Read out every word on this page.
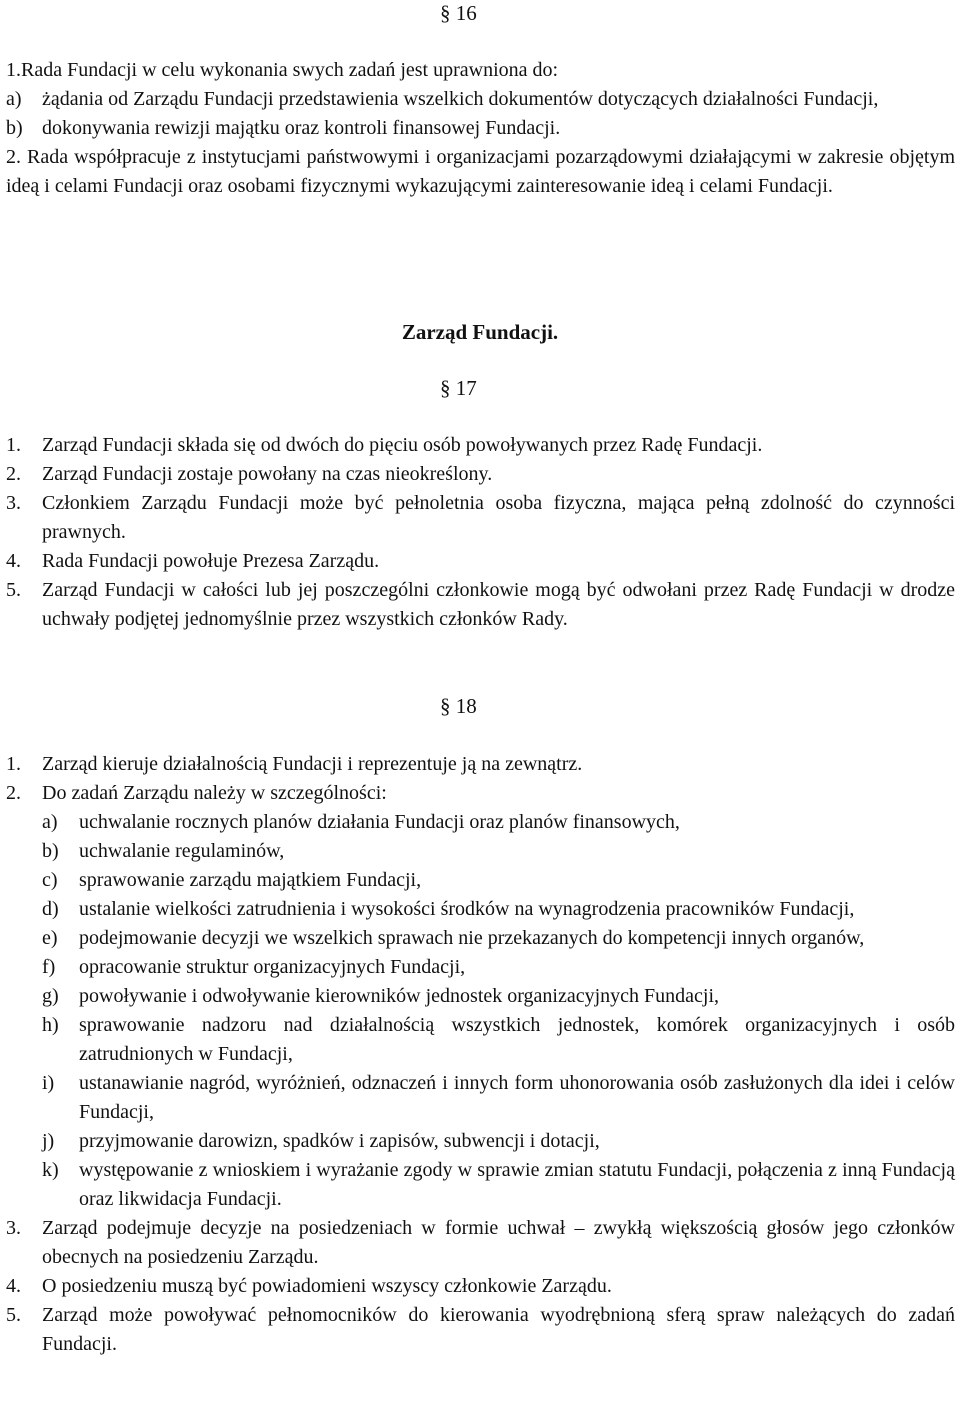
§ 16
1.Rada Fundacji w celu wykonania swych zadań jest uprawniona do:
a) żądania od Zarządu Fundacji przedstawienia wszelkich dokumentów dotyczących działalności Fundacji,
b) dokonywania rewizji majątku oraz kontroli finansowej Fundacji.
2. Rada współpracuje z instytucjami państwowymi i organizacjami pozarządowymi działającymi w zakresie objętym ideą i celami Fundacji oraz osobami fizycznymi wykazującymi zainteresowanie ideą i celami Fundacji.
Zarząd Fundacji.
§ 17
1. Zarząd Fundacji składa się od dwóch do pięciu osób powoływanych przez Radę Fundacji.
2. Zarząd Fundacji zostaje powołany na czas nieokreślony.
3. Członkiem Zarządu Fundacji może być pełnoletnia osoba fizyczna, mająca pełną zdolność do czynności prawnych.
4. Rada Fundacji powołuje Prezesa Zarządu.
5. Zarząd Fundacji w całości lub jej poszczególni członkowie mogą być odwołani przez Radę Fundacji w drodze uchwały podjętej jednomyślnie przez wszystkich członków Rady.
§ 18
1. Zarząd kieruje działalnością Fundacji i reprezentuje ją na zewnątrz.
2. Do zadań Zarządu należy w szczególności:
a) uchwalanie rocznych planów działania Fundacji oraz planów finansowych,
b) uchwalanie regulaminów,
c) sprawowanie zarządu majątkiem Fundacji,
d) ustalanie wielkości zatrudnienia i wysokości środków na wynagrodzenia pracowników Fundacji,
e) podejmowanie decyzji we wszelkich sprawach nie przekazanych do kompetencji innych organów,
f) opracowanie struktur organizacyjnych Fundacji,
g) powoływanie i odwoływanie kierowników jednostek organizacyjnych Fundacji,
h) sprawowanie nadzoru nad działalnością wszystkich jednostek, komórek organizacyjnych i osób zatrudnionych w Fundacji,
i) ustanawianie nagród, wyróżnień, odznaczeń i innych form uhonorowania osób zasłużonych dla idei i celów Fundacji,
j) przyjmowanie darowizn, spadków i zapisów, subwencji i dotacji,
k) występowanie z wnioskiem i wyrażanie zgody w sprawie zmian statutu Fundacji, połączenia z inną Fundacją oraz likwidacja Fundacji.
3. Zarząd podejmuje decyzje na posiedzeniach w formie uchwał – zwykłą większością głosów jego członków obecnych na posiedzeniu Zarządu.
4. O posiedzeniu muszą być powiadomieni wszyscy członkowie Zarządu.
5. Zarząd może powoływać pełnomocników do kierowania wyodrębnioną sferą spraw należących do zadań Fundacji.
